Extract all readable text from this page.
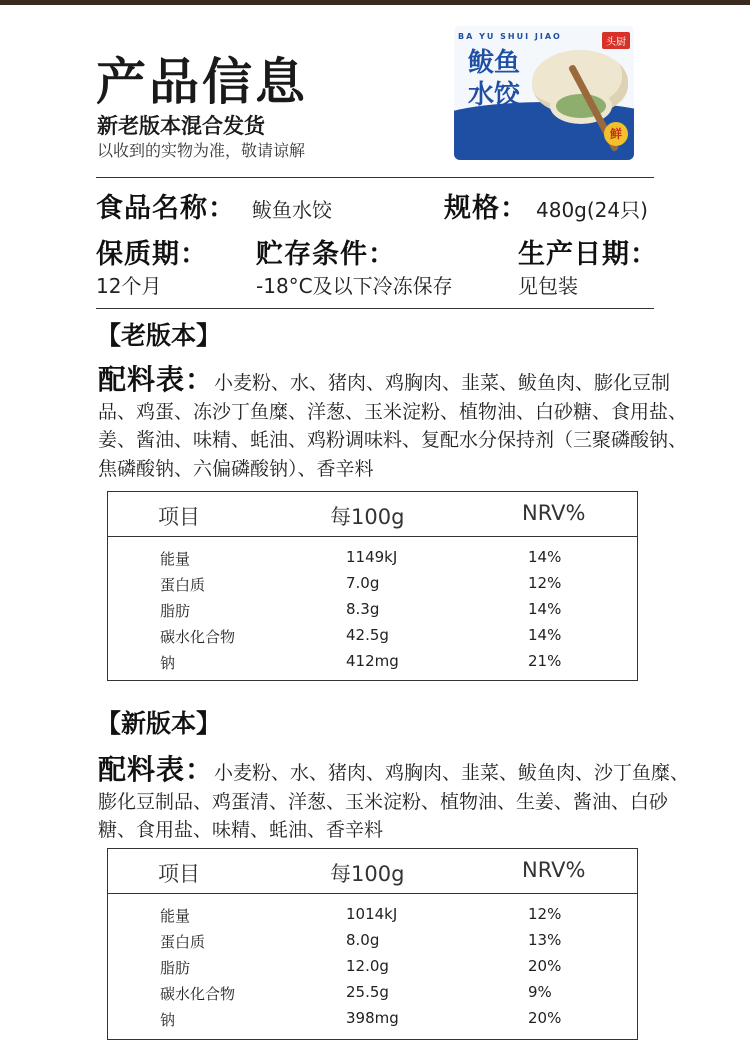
产品信息
新老版本混合发货
以收到的实物为准，敬请谅解
BA YU SHUI JIAO
鲅鱼
水饺
头厨
鲜
食品名称： 鲅鱼水饺	规格： 480g(24只)
保质期：
12个月
贮存条件：
-18°C及以下冷冻保存
生产日期：
见包装
【老版本】
配料表：小麦粉、水、猪肉、鸡胸肉、韭菜、鲅鱼肉、膨化豆制品、鸡蛋、冻沙丁鱼糜、洋葱、玉米淀粉、植物油、白砂糖、食用盐、姜、酱油、味精、蚝油、鸡粉调味料、复配水分保持剂（三聚磷酸钠、焦磷酸钠、六偏磷酸钠）、香辛料
项目	每100g	NRV%
能量	1149kJ	14%
蛋白质	7.0g	12%
脂肪	8.3g	14%
碳水化合物	42.5g	14%
钠	412mg	21%
【新版本】
配料表：小麦粉、水、猪肉、鸡胸肉、韭菜、鲅鱼肉、沙丁鱼糜、膨化豆制品、鸡蛋清、洋葱、玉米淀粉、植物油、生姜、酱油、白砂糖、食用盐、味精、蚝油、香辛料
项目	每100g	NRV%
能量	1014kJ	12%
蛋白质	8.0g	13%
脂肪	12.0g	20%
碳水化合物	25.5g	9%
钠	398mg	20%
